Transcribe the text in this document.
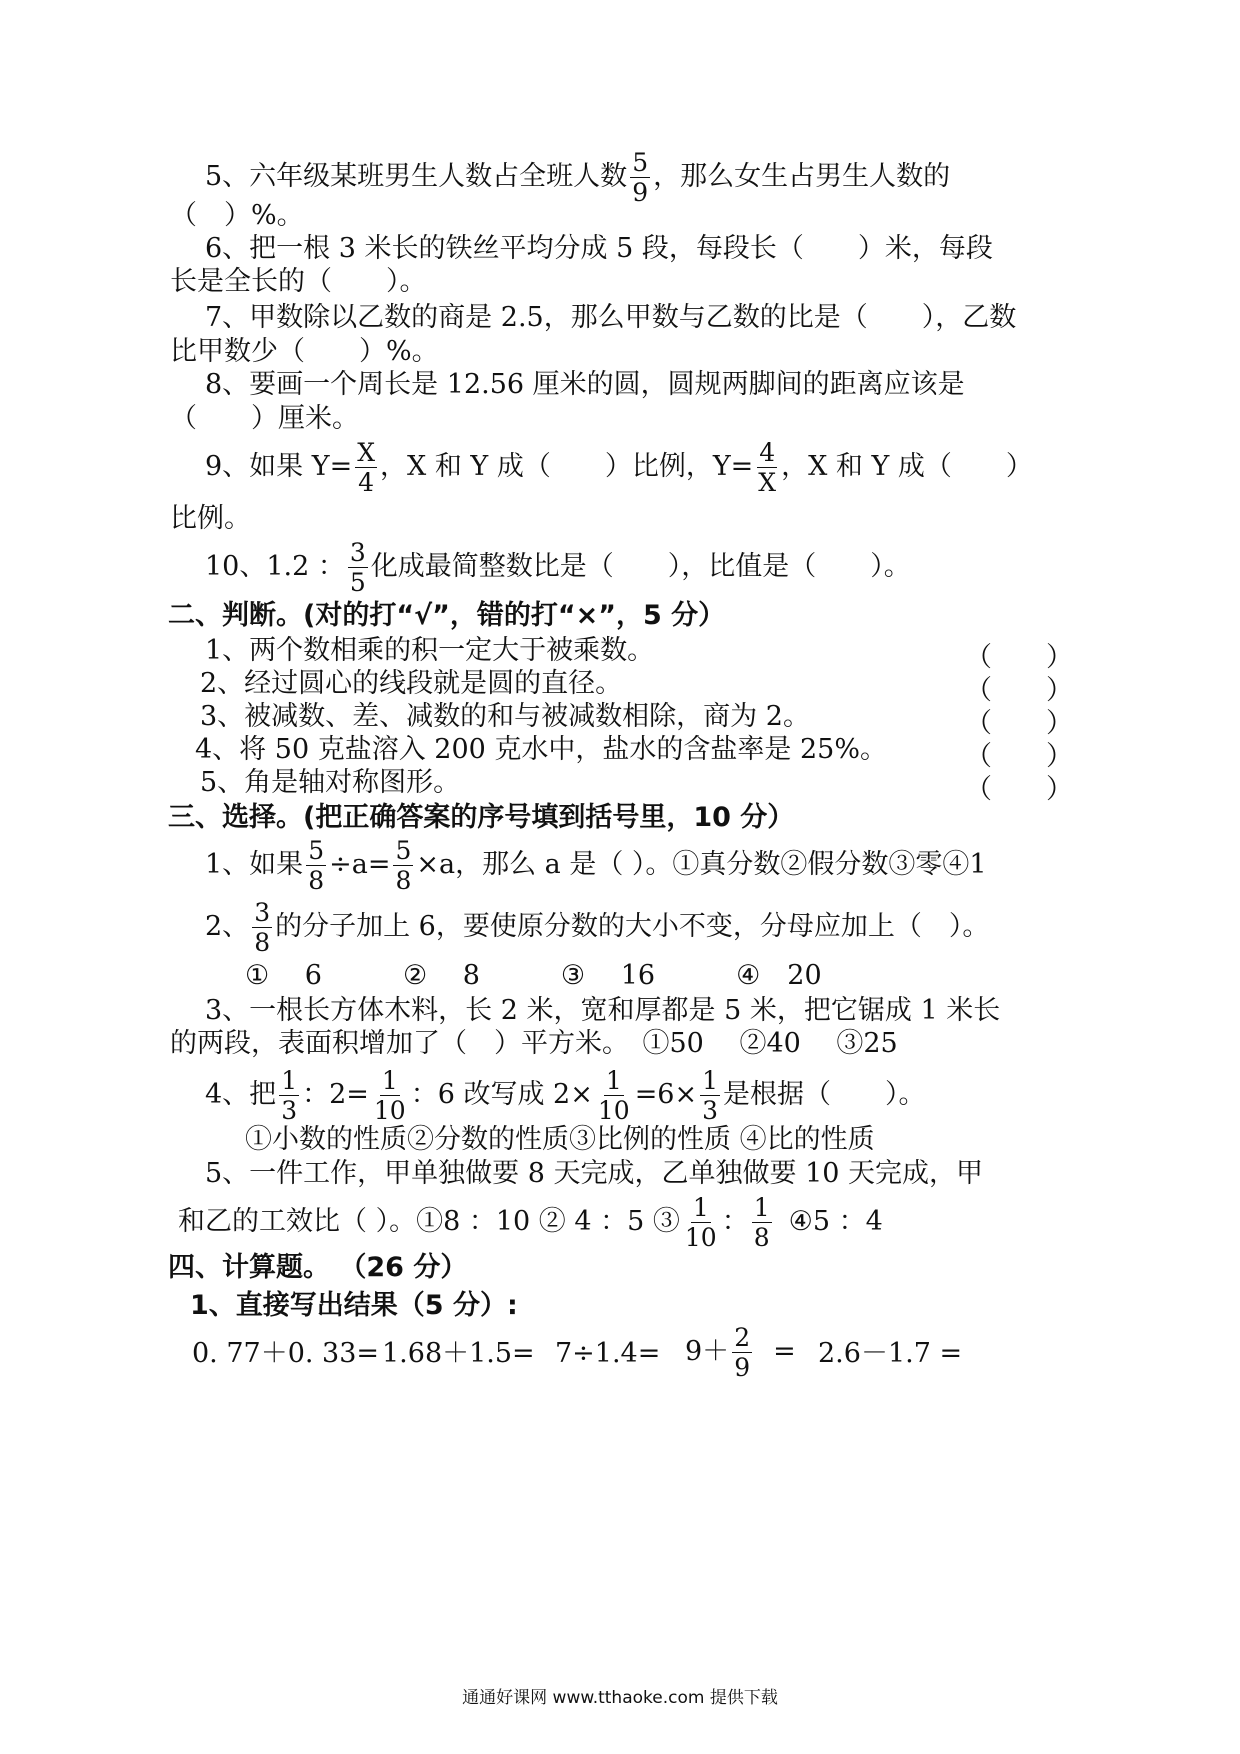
5、六年级某班男生人数占全班人数 $\frac{5}{9}$ ，那么女生占男生人数的
（　）%。
6、把一根 3 米长的铁丝平均分成 5 段，每段长（　　）米，每段
长是全长的（　　）。
7、甲数除以乙数的商是 2.5，那么甲数与乙数的比是（　　），乙数
比甲数少（　　）%。
8、要画一个周长是 12.56 厘米的圆，圆规两脚间的距离应该是
（　　）厘米。
9、如果 $Y= \frac{X}{4}$ ，X 和 Y 成（　　）比例，$Y= \frac{4}{X}$ ，X 和 Y 成（　　）
比例。
10、1.2 ： $\frac{3}{5}$ 化成最简整数比是（　　），比值是（　　）。
二、判断。(对的打“√”，错的打“×”，5 分）
1、两个数相乘的积一定大于被乘数。
2、经过圆心的线段就是圆的直径。
3、被减数、差、减数的和与被减数相除，商为 2。
4、将 50 克盐溶入 200 克水中，盐水的含盐率是 25%。
5、角是轴对称图形。
（　　）
（　　）
（　　）
（　　）
（　　）
三、选择。(把正确答案的序号填到括号里，10 分）
1、如果 $\frac{5}{8} \div a= \frac{5}{8} \times a$，那么 a 是（ ）。①真分数②假分数③零④1
2、 $\frac{3}{8}$ 的分子加上 6，要使原分数的大小不变，分母应加上（　）。
①　 6　　　②　 8　　　③　 16　　　④　20
3、一根长方体木料，长 2 米，宽和厚都是 5 米，把它锯成 1 米长
的两段，表面积增加了（　）平方米。　①50　 ②40　 ③25
4、把 $\frac{1}{3}$ ：$2= \frac{1}{10}$ ：6 改写成 $2\times \frac{1}{10} =6\times \frac{1}{3}$ 是根据（　　）。
①小数的性质②分数的性质③比例的性质 ④比的性质
5、一件工作，甲单独做要 8 天完成，乙单独做要 10 天完成，甲
和乙的工效比（ ）。①8 ：10 ② 4 ：5 ③ $\frac{1}{10}$ ： $\frac{1}{8}$ ④5 ：4
四、计算题。 （26 分）
1、直接写出结果（5 分）:
0. 77＋0. $33= 1.68+1.5= 7\div 1.4= 9+ \frac{2}{9} = 2.6-1.7$ =
通通好课网 www.tthaoke.com 提供下载
